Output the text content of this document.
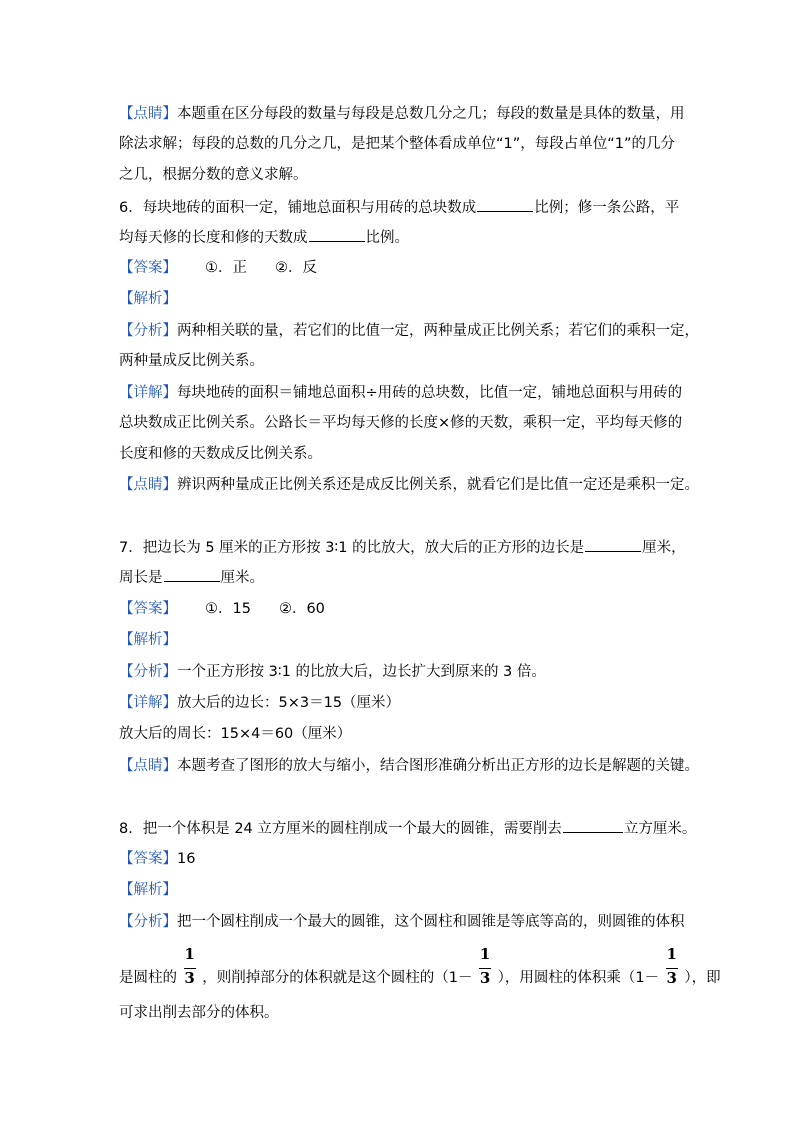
【点睛】本题重在区分每段的数量与每段是总数几分之几；每段的数量是具体的数量，用
除法求解；每段的总数的几分之几，是把某个整体看成单位“1”，每段占单位“1”的几分
之几，根据分数的意义求解。
6．每块地砖的面积一定，铺地总面积与用砖的总块数成	比例；修一条公路，平
均每天修的长度和修的天数成	比例。
【答案】 ①．正 ②．反
【解析】
【分析】两种相关联的量，若它们的比值一定，两种量成正比例关系；若它们的乘积一定，
两种量成反比例关系。
【详解】每块地砖的面积＝铺地总面积÷用砖的总块数，比值一定，铺地总面积与用砖的
总块数成正比例关系。公路长＝平均每天修的长度×修的天数，乘积一定，平均每天修的
长度和修的天数成反比例关系。
【点睛】辨识两种量成正比例关系还是成反比例关系，就看它们是比值一定还是乘积一定。
7．把边长为 5 厘米的正方形按 3∶1 的比放大，放大后的正方形的边长是	厘米，
周长是	厘米。
【答案】 ①．15 ②．60
【解析】
【分析】一个正方形按 3∶1 的比放大后，边长扩大到原来的 3 倍。
【详解】放大后的边长：5×3＝15（厘米）
放大后的周长：15×4＝60（厘米）
【点睛】本题考查了图形的放大与缩小，结合图形准确分析出正方形的边长是解题的关键。
8．把一个体积是 24 立方厘米的圆柱削成一个最大的圆锥，需要削去	立方厘米。
【答案】16
【解析】
【分析】把一个圆柱削成一个最大的圆锥，这个圆柱和圆锥是等底等高的，则圆锥的体积
是圆柱的 $\frac{1}{3}$ ，则削掉部分的体积就是这个圆柱的（$1- \frac{1}{3}$ ），用圆柱的体积乘（$1- \frac{1}{3}$ ），即
可求出削去部分的体积。
